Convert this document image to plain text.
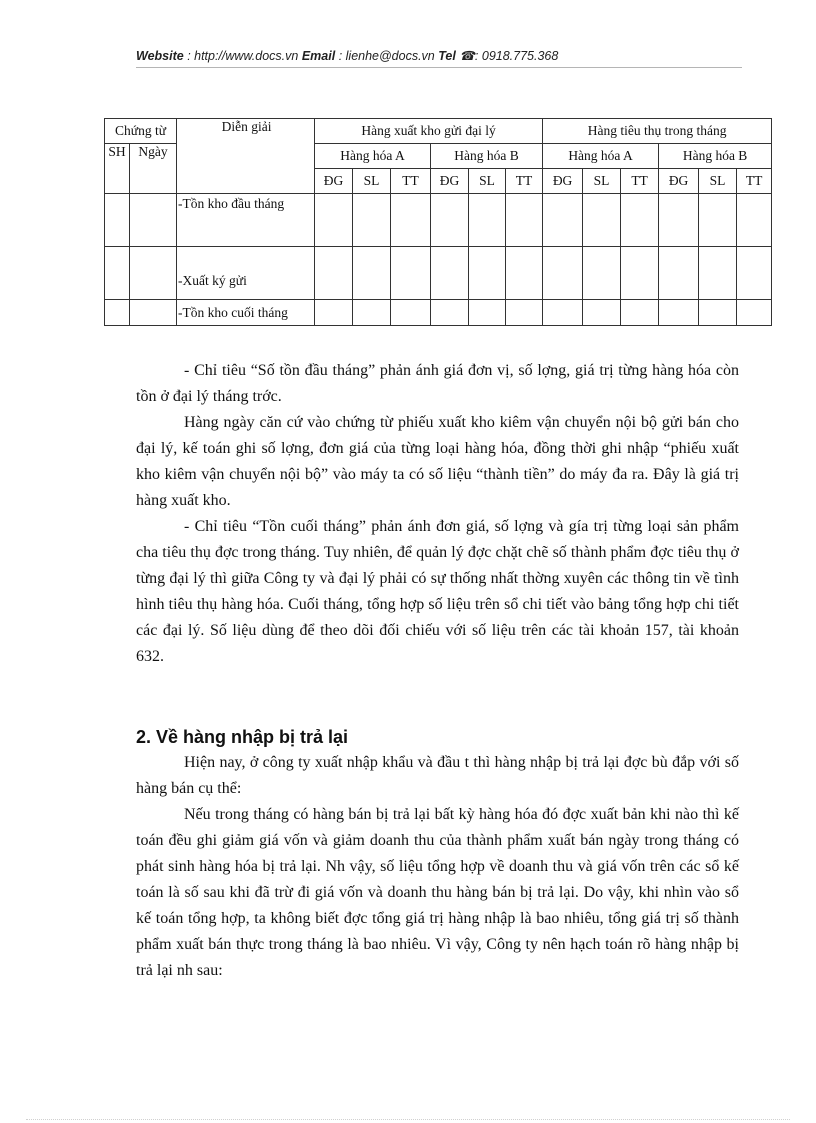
Website : http://www.docs.vn Email : lienhe@docs.vn Tel ☎: 0918.775.368
Chứng từ		Diễn giải	Hàng xuất kho gửi đại lý						Hàng tiêu thụ trong tháng					
SH	Ngày		Hàng hóa A			Hàng hóa B			Hàng hóa A			Hàng hóa B		
			ĐG	SL	TT	ĐG	SL	TT	ĐG	SL	TT	ĐG	SL	TT
		-Tồn kho đầu tháng												
		-Xuất ký gửi												
		-Tồn kho cuối tháng												

- Chỉ tiêu “Số tồn đầu tháng” phản ánh giá đơn vị, số lợng, giá trị từng hàng hóa còn tồn ở đại lý tháng trớc.

Hàng ngày căn cứ vào chứng từ phiếu xuất kho kiêm vận chuyển nội bộ gửi bán cho đại lý, kế toán ghi số lợng, đơn giá của từng loại hàng hóa, đồng thời ghi nhập “phiếu xuất kho kiêm vận chuyển nội bộ” vào máy ta có số liệu “thành tiền” do máy đa ra. Đây là giá trị hàng xuất kho.

- Chỉ tiêu “Tồn cuối tháng” phản ánh đơn giá, số lợng và gía trị từng loại sản phẩm cha tiêu thụ đợc trong tháng. Tuy nhiên, để quản lý đợc chặt chẽ số thành phẩm đợc tiêu thụ ở từng đại lý thì giữa Công ty và đại lý phải có sự thống nhất thờng xuyên các thông tin về tình hình tiêu thụ hàng hóa. Cuối tháng, tổng hợp số liệu trên sổ chi tiết vào bảng tổng hợp chi tiết các đại lý. Số liệu dùng để theo dõi đối chiếu với số liệu trên các tài khoản 157, tài khoản 632.

2. Về hàng nhập bị trả lại

Hiện nay, ở công ty xuất nhập khẩu và đầu t thì hàng nhập bị trả lại đợc bù đắp với số hàng bán cụ thể:

Nếu trong tháng có hàng bán bị trả lại bất kỳ hàng hóa đó đợc xuất bản khi nào thì kế toán đều ghi giảm giá vốn và giảm doanh thu của thành phẩm xuất bán ngày trong tháng có phát sinh hàng hóa bị trả lại. Nh vậy, số liệu tổng hợp về doanh thu và giá vốn trên các sổ kế toán là số sau khi đã trừ đi giá vốn và doanh thu hàng bán bị trả lại. Do vậy, khi nhìn vào sổ kế toán tổng hợp, ta không biết đợc tổng giá trị hàng nhập là bao nhiêu, tổng giá trị số thành phẩm xuất bán thực trong tháng là bao nhiêu. Vì vậy, Công ty nên hạch toán rõ hàng nhập bị trả lại nh sau:
